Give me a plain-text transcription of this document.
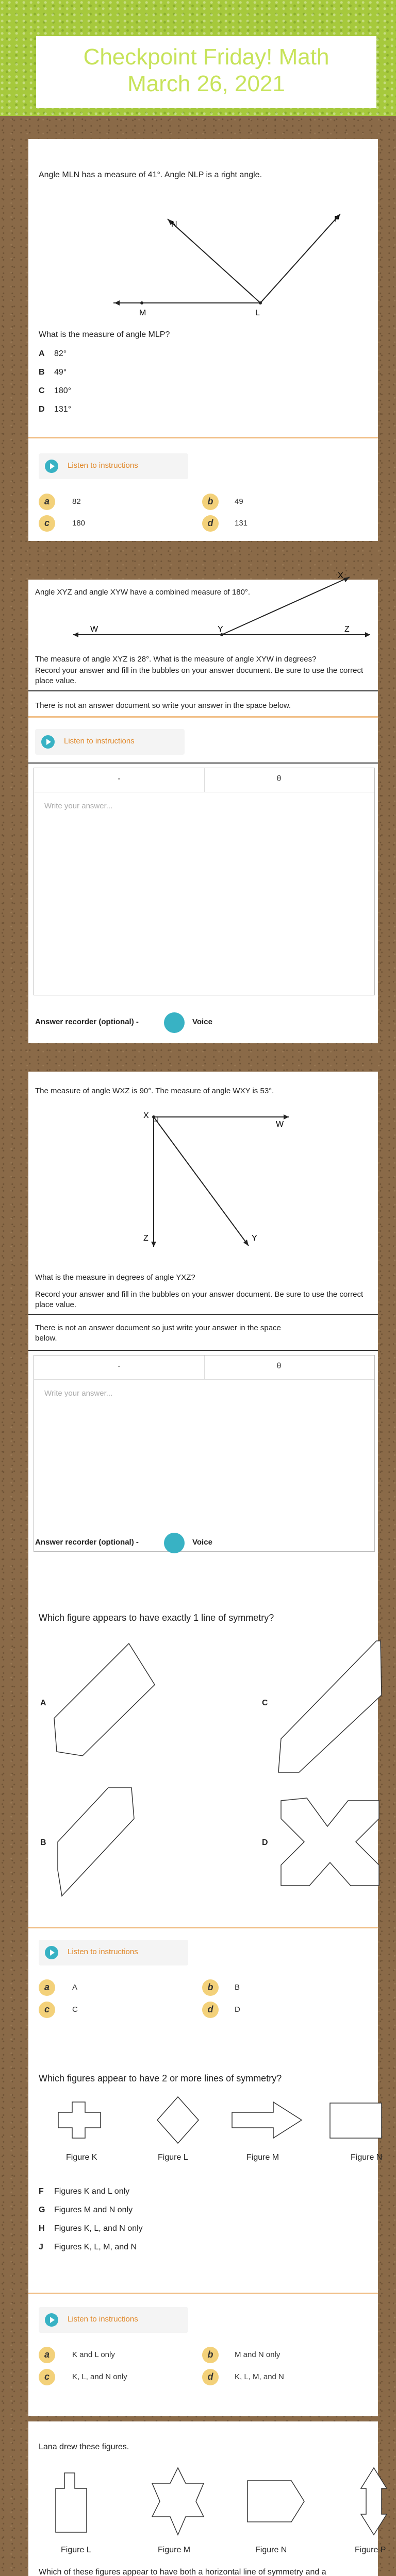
Checkpoint Friday! Math
March 26, 2021
Angle MLN has a measure of 41°. Angle NLP is a right angle.
N
P
M	L
What is the measure of angle MLP?
A 82°
B 49°
C 180°
D 131°
Listen to instructions
a	82	b	49
c	180	d	131
Angle XYZ and angle XYW have a combined measure of 180°.
W	Y	Z
X
The measure of angle XYZ is 28°. What is the measure of angle XYW in degrees?
Record your answer and fill in the bubbles on your answer document. Be sure to use the correct place value.
There is not an answer document so write your answer in the space below.
Listen to instructions
-	θ
Write your answer...
Answer recorder (optional) -	Voice
The measure of angle WXZ is 90°. The measure of angle WXY is 53°.
X
W
Z	Y
What is the measure in degrees of angle YXZ?
Record your answer and fill in the bubbles on your answer document. Be sure to use the correct place value.
There is not an answer document so just write your answer in the space
below.
-	θ
Write your answer...
Answer recorder (optional) -	Voice
Which figure appears to have exactly 1 line of symmetry?
A	C
B	D
Listen to instructions
a	A	b	B
c	C	d	D
Which figures appear to have 2 or more lines of symmetry?
Figure K	Figure L	Figure M	Figure N
F Figures K and L only
G Figures M and N only
H Figures K, L, and N only
J Figures K, L, M, and N
Listen to instructions
a	K and L only	b	M and N only
c	K, L, and N only	d	K, L, M, and N
Lana drew these figures.
Figure L	Figure M	Figure N	Figure P
Which of these figures appear to have both a horizontal line of symmetry and a
